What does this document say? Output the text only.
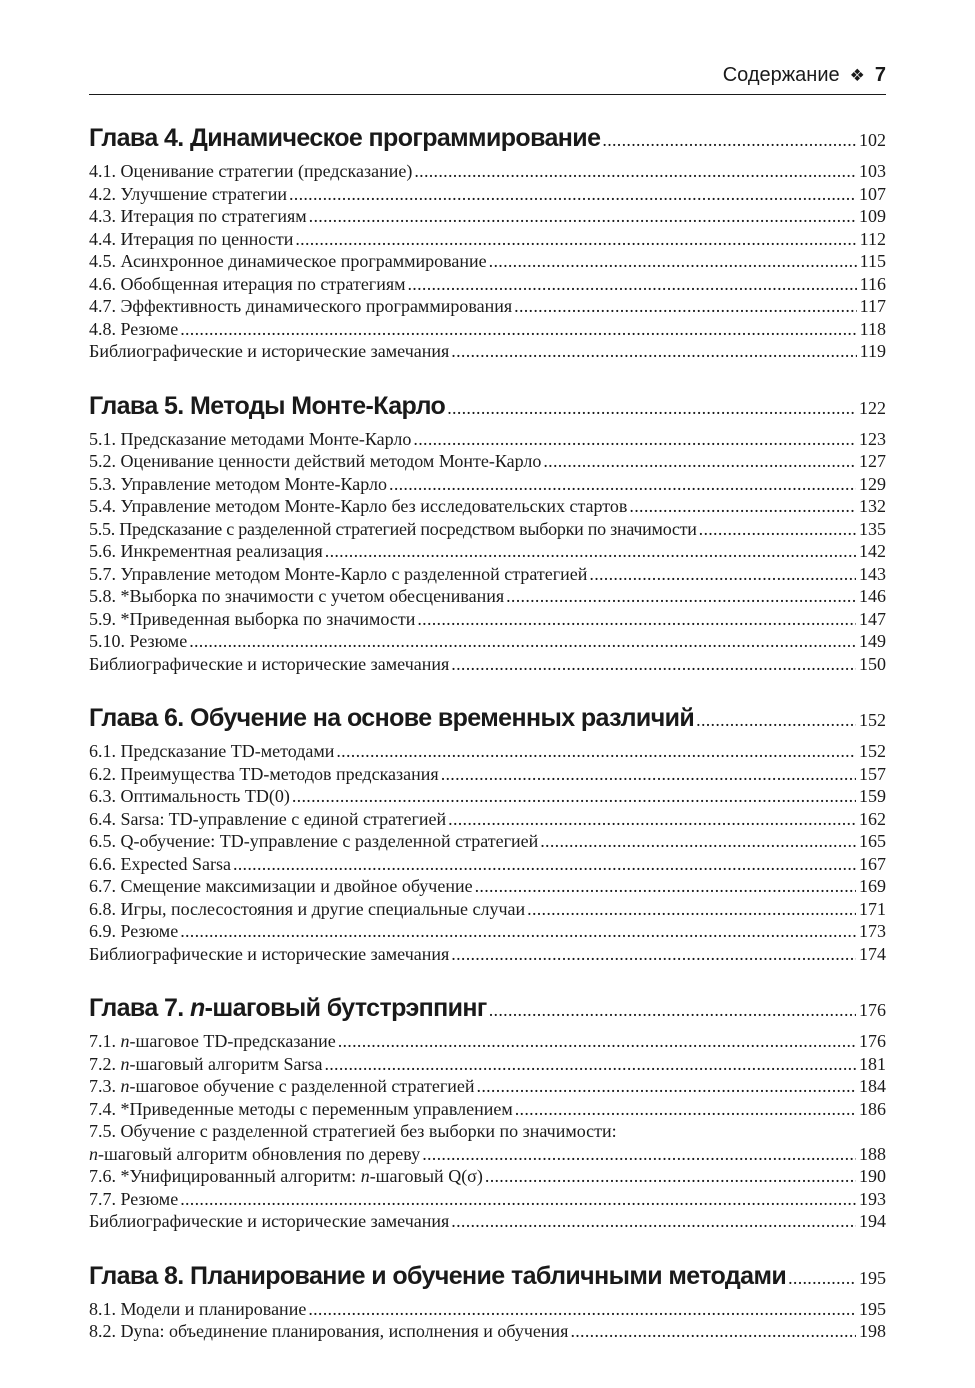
Содержание ❖ 7
Глава 4. Динамическое программирование . . .	102
4.1. Оценивание стратегии (предсказание) . . .	103
4.2. Улучшение стратегии . . .	107
4.3. Итерация по стратегиям . . .	109
4.4. Итерация по ценности . . .	112
4.5. Асинхронное динамическое программирование . . .	115
4.6. Обобщенная итерация по стратегиям . . .	116
4.7. Эффективность динамического программирования . . .	117
4.8. Резюме . . .	118
Библиографические и исторические замечания . . .	119
Глава 5. Методы Монте-Карло . . .	122
5.1. Предсказание методами Монте-Карло . . .	123
5.2. Оценивание ценности действий методом Монте-Карло . . .	127
5.3. Управление методом Монте-Карло . . .	129
5.4. Управление методом Монте-Карло без исследовательских стартов . . .	132
5.5. Предсказание с разделенной стратегией посредством выборки по значимости . . .	135
5.6. Инкрементная реализация . . .	142
5.7. Управление методом Монте-Карло с разделенной стратегией . . .	143
5.8. *Выборка по значимости с учетом обесценивания . . .	146
5.9. *Приведенная выборка по значимости . . .	147
5.10. Резюме . . .	149
Библиографические и исторические замечания . . .	150
Глава 6. Обучение на основе временных различий . . .	152
6.1. Предсказание TD-методами . . .	152
6.2. Преимущества TD-методов предсказания . . .	157
6.3. Оптимальность TD(0) . . .	159
6.4. Sarsa: TD-управление с единой стратегией . . .	162
6.5. Q-обучение: TD-управление с разделенной стратегией . . .	165
6.6. Expected Sarsa . . .	167
6.7. Смещение максимизации и двойное обучение . . .	169
6.8. Игры, послесостояния и другие специальные случаи . . .	171
6.9. Резюме . . .	173
Библиографические и исторические замечания . . .	174
Глава 7. n-шаговый бутстрэппинг . . .	176
7.1. n-шаговое TD-предсказание . . .	176
7.2. n-шаговый алгоритм Sarsa . . .	181
7.3. n-шаговое обучение с разделенной стратегией . . .	184
7.4. *Приведенные методы с переменным управлением . . .	186
7.5. Обучение с разделенной стратегией без выборки по значимости:
n-шаговый алгоритм обновления по дереву . . .	188
7.6. *Унифицированный алгоритм: n-шаговый Q(σ) . . .	190
7.7. Резюме . . .	193
Библиографические и исторические замечания . . .	194
Глава 8. Планирование и обучение табличными методами . . .	195
8.1. Модели и планирование . . .	195
8.2. Dyna: объединение планирования, исполнения и обучения . . .	198
